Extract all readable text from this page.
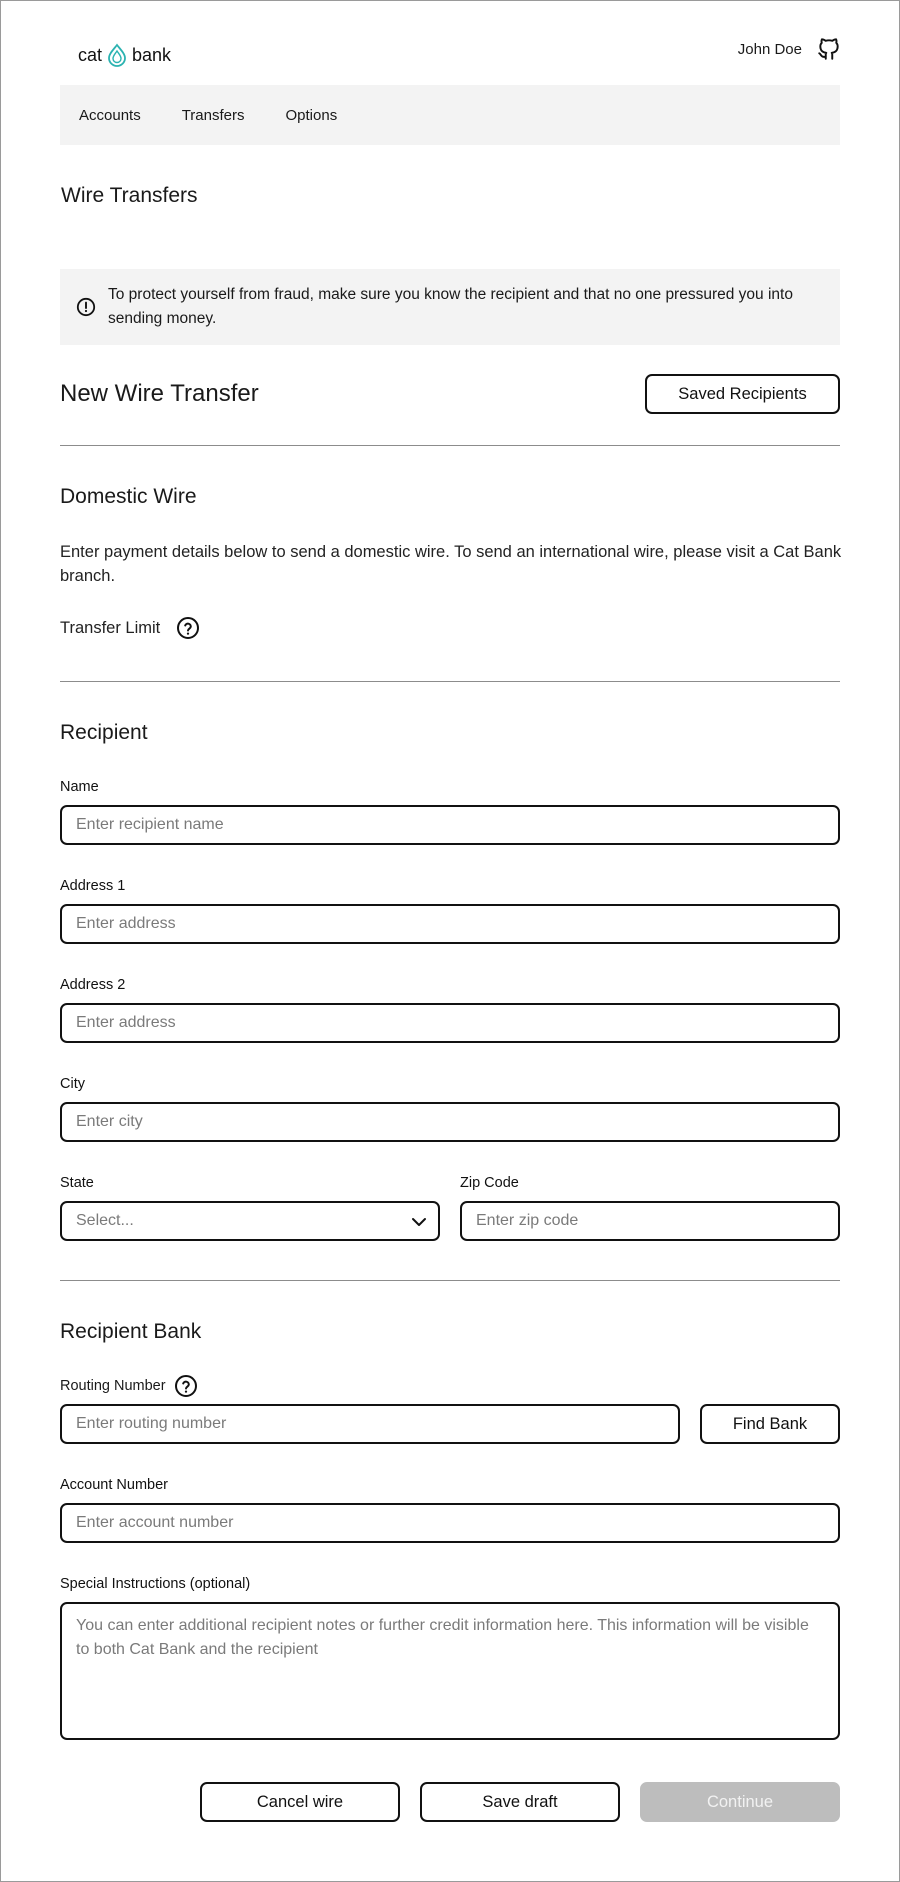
cat bank	John Doe
Accounts	Transfers	Options
Wire Transfers
To protect yourself from fraud, make sure you know the recipient and that no one pressured you into sending money.
New Wire Transfer	Saved Recipients
Domestic Wire
Enter payment details below to send a domestic wire. To send an international wire, please visit a Cat Bank branch.
Transfer Limit
Recipient
Name
Enter recipient name
Address 1
Enter address
Address 2
Enter address
City
Enter city
State
Select...
Zip Code
Enter zip code
Recipient Bank
Routing Number
Enter routing number	Find Bank
Account Number
Enter account number
Special Instructions (optional)
You can enter additional recipient notes or further credit information here. This information will be visible to both Cat Bank and the recipient
Cancel wire	Save draft	Continue
